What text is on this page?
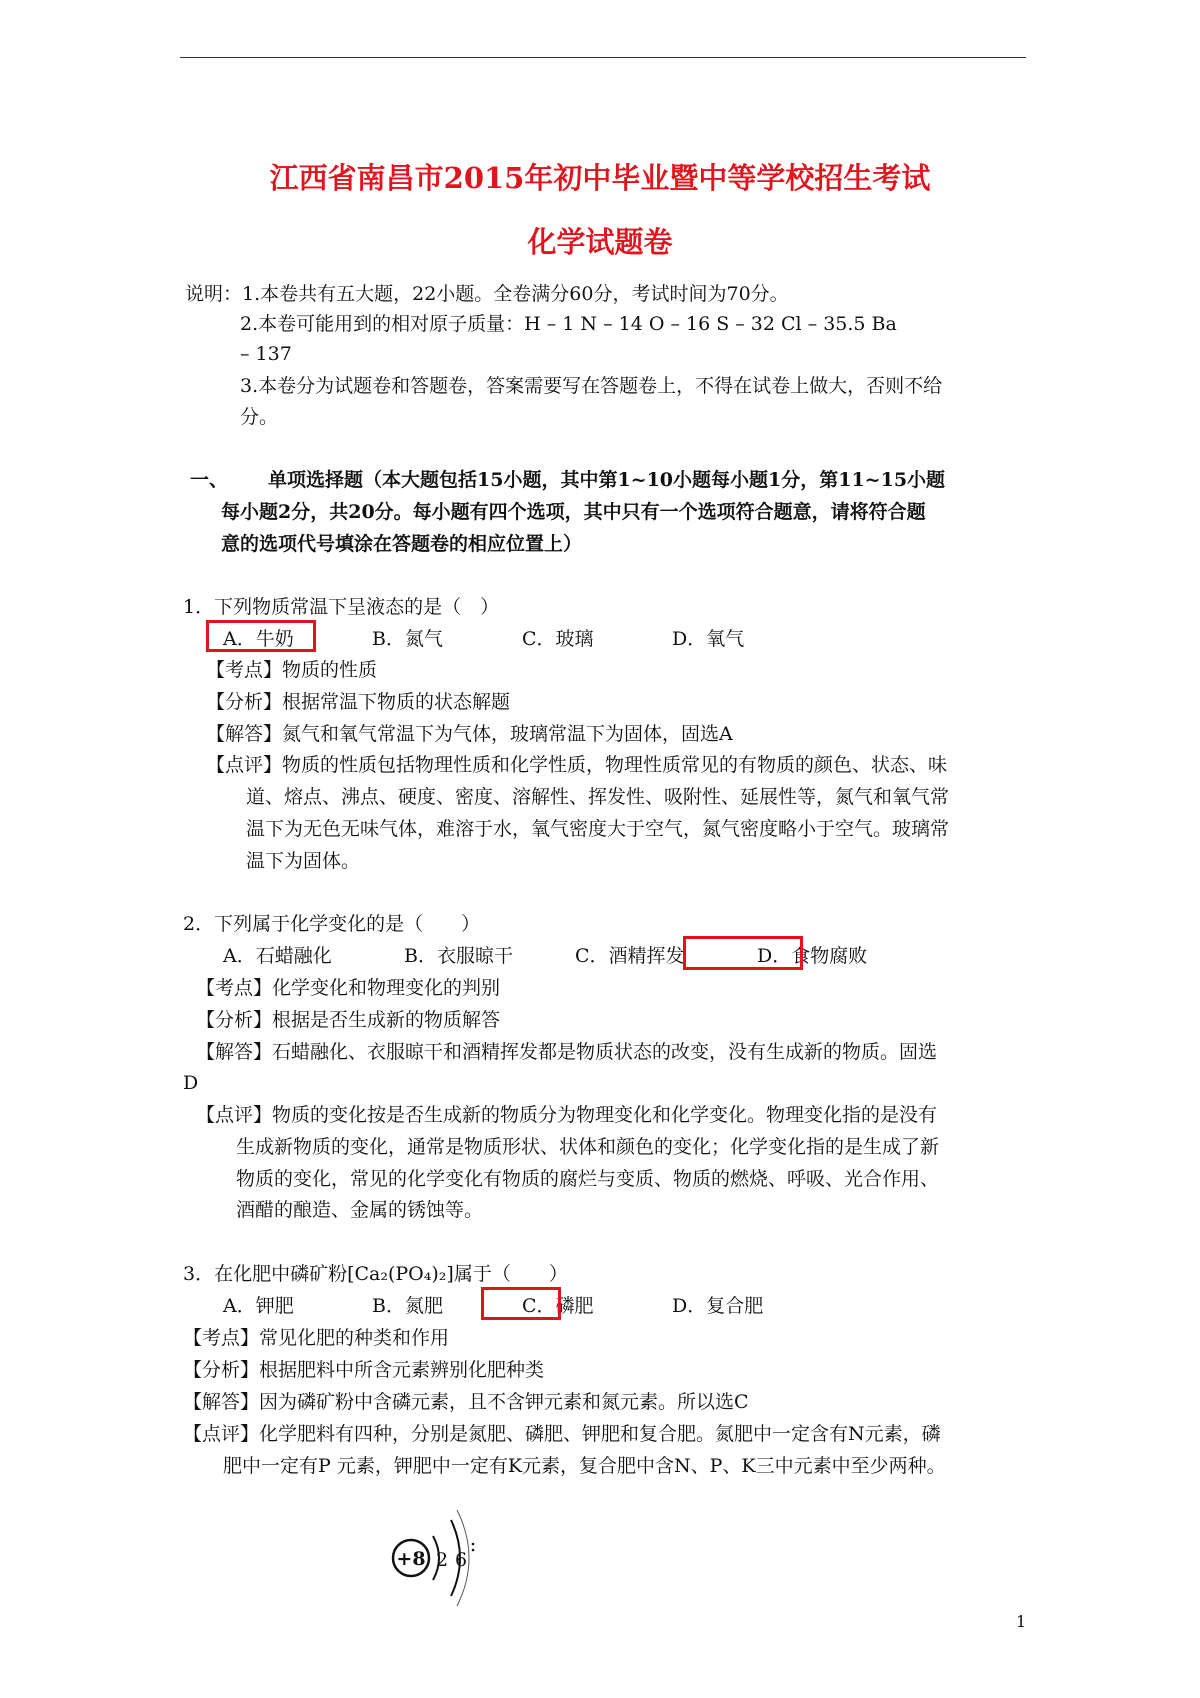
江西省南昌市2015年初中毕业暨中等学校招生考试
化学试题卷
说明：1.本卷共有五大题，22小题。全卷满分60分，考试时间为70分。
2.本卷可能用到的相对原子质量：H – 1 N – 14 O – 16 S – 32 Cl – 35.5 Ba
– 137
3.本卷分为试题卷和答题卷，答案需要写在答题卷上，不得在试卷上做大，否则不给
分。
一、 单项选择题（本大题包括15小题，其中第1~10小题每小题1分，第11~15小题
每小题2分，共20分。每小题有四个选项，其中只有一个选项符合题意，请将符合题
意的选项代号填涂在答题卷的相应位置上）
1．下列物质常温下呈液态的是（　）
A．牛奶	B．氮气	C．玻璃	D．氧气
【考点】物质的性质
【分析】根据常温下物质的状态解题
【解答】氮气和氧气常温下为气体，玻璃常温下为固体，固选A
【点评】物质的性质包括物理性质和化学性质，物理性质常见的有物质的颜色、状态、味
道、熔点、沸点、硬度、密度、溶解性、挥发性、吸附性、延展性等，氮气和氧气常
温下为无色无味气体，难溶于水，氧气密度大于空气，氮气密度略小于空气。玻璃常
温下为固体。
2．下列属于化学变化的是（　　）
A．石蜡融化	B．衣服晾干	C．酒精挥发	D．食物腐败
【考点】化学变化和物理变化的判别
【分析】根据是否生成新的物质解答
【解答】石蜡融化、衣服晾干和酒精挥发都是物质状态的改变，没有生成新的物质。固选
D
【点评】物质的变化按是否生成新的物质分为物理变化和化学变化。物理变化指的是没有
生成新物质的变化，通常是物质形状、状体和颜色的变化；化学变化指的是生成了新
物质的变化，常见的化学变化有物质的腐烂与变质、物质的燃烧、呼吸、光合作用、
酒醋的酿造、金属的锈蚀等。
3．在化肥中磷矿粉[Ca₂(PO₄)₂]属于（　　）
A．钾肥	B．氮肥	C．磷肥	D．复合肥
【考点】常见化肥的种类和作用
【分析】根据肥料中所含元素辨别化肥种类
【解答】因为磷矿粉中含磷元素，且不含钾元素和氮元素。所以选C
【点评】化学肥料有四种，分别是氮肥、磷肥、钾肥和复合肥。氮肥中一定含有N元素，磷
肥中一定有P 元素，钾肥中一定有K元素，复合肥中含N、P、K三中元素中至少两种。
+8 2 6
1
